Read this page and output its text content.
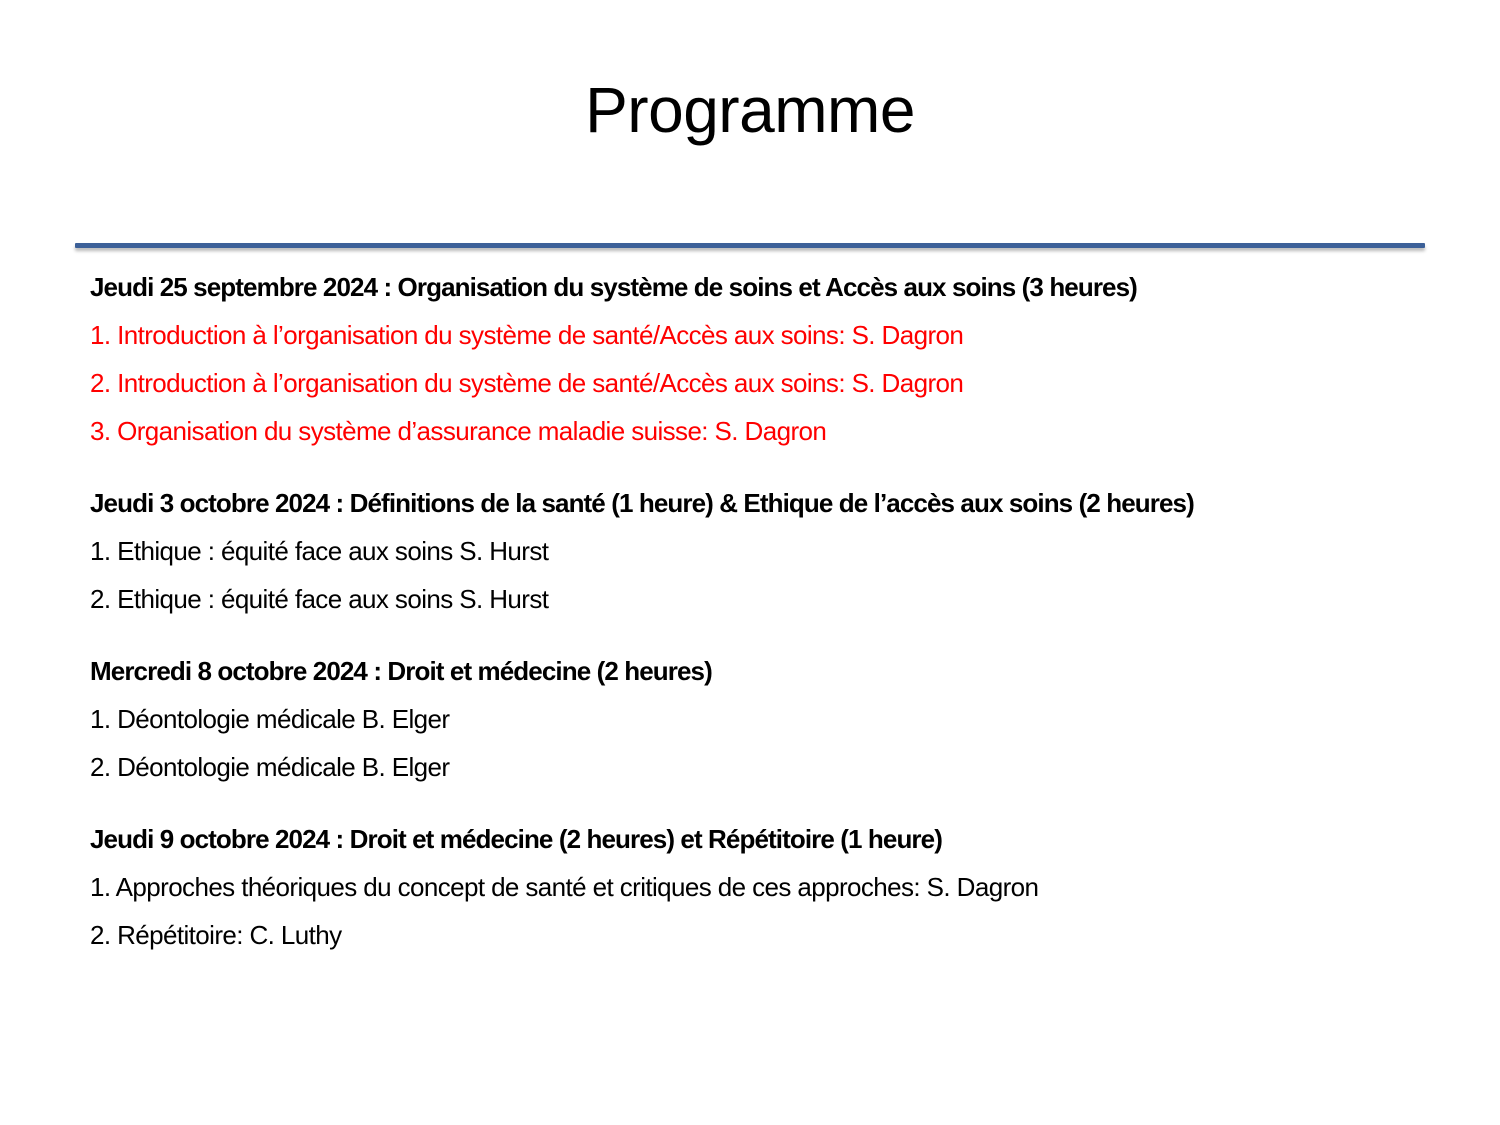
Programme
Jeudi 25 septembre 2024 : Organisation du système de soins et Accès aux soins (3 heures)
1. Introduction à l’organisation du système de santé/Accès aux soins: S. Dagron
2. Introduction à l’organisation du système de santé/Accès aux soins: S. Dagron
3. Organisation du système d’assurance maladie suisse: S. Dagron
Jeudi 3 octobre 2024 : Définitions de la santé (1 heure) & Ethique de l’accès aux soins (2 heures)
1. Ethique : équité face aux soins S. Hurst
2. Ethique : équité face aux soins S. Hurst
Mercredi 8 octobre 2024 : Droit et médecine (2 heures)
1. Déontologie médicale B. Elger
2. Déontologie médicale B. Elger
Jeudi 9 octobre 2024 : Droit et médecine (2 heures) et Répétitoire (1 heure)
1. Approches théoriques du concept de santé et critiques de ces approches: S. Dagron
2. Répétitoire: C. Luthy
